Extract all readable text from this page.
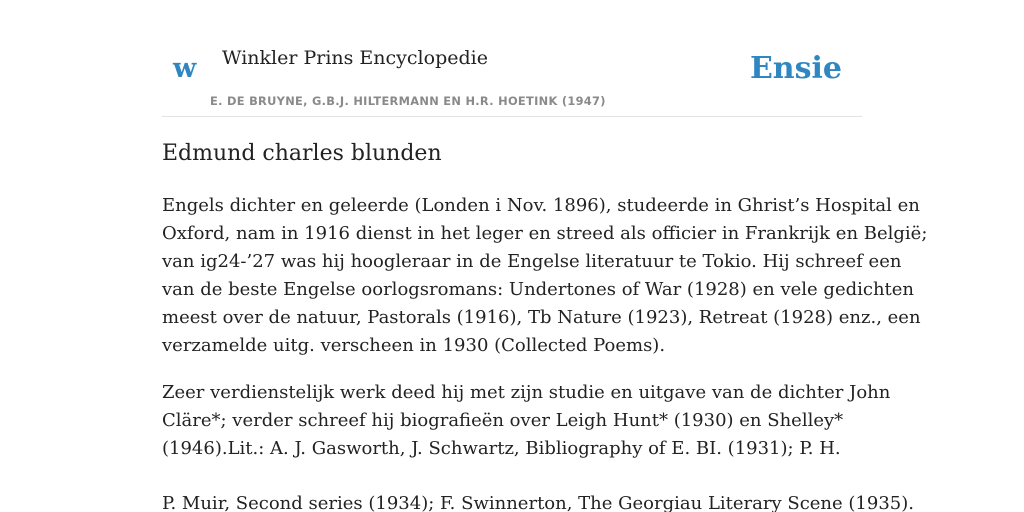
w Winkler Prins Encyclopedie
E. DE BRUYNE, G.B.J. HILTERMANN EN H.R. HOETINK (1947)
Ensie
Edmund charles blunden

Engels dichter en geleerde (Londen i Nov. 1896), studeerde in Ghrist’s Hospital en
Oxford, nam in 1916 dienst in het leger en streed als officier in Frankrijk en België;
van ig24-’27 was hij hoogleraar in de Engelse literatuur te Tokio. Hij schreef een
van de beste Engelse oorlogsromans: Undertones of War (1928) en vele gedichten
meest over de natuur, Pastorals (1916), Tb Nature (1923), Retreat (1928) enz., een
verzamelde uitg. verscheen in 1930 (Collected Poems).

Zeer verdienstelijk werk deed hij met zijn studie en uitgave van de dichter John
Cläre*; verder schreef hij biografieën over Leigh Hunt* (1930) en Shelley*
(1946).Lit.: A. J. Gasworth, J. Schwartz, Bibliography of E. BI. (1931); P. H.

P. Muir, Second series (1934); F. Swinnerton, The Georgiau Literary Scene (1935).
